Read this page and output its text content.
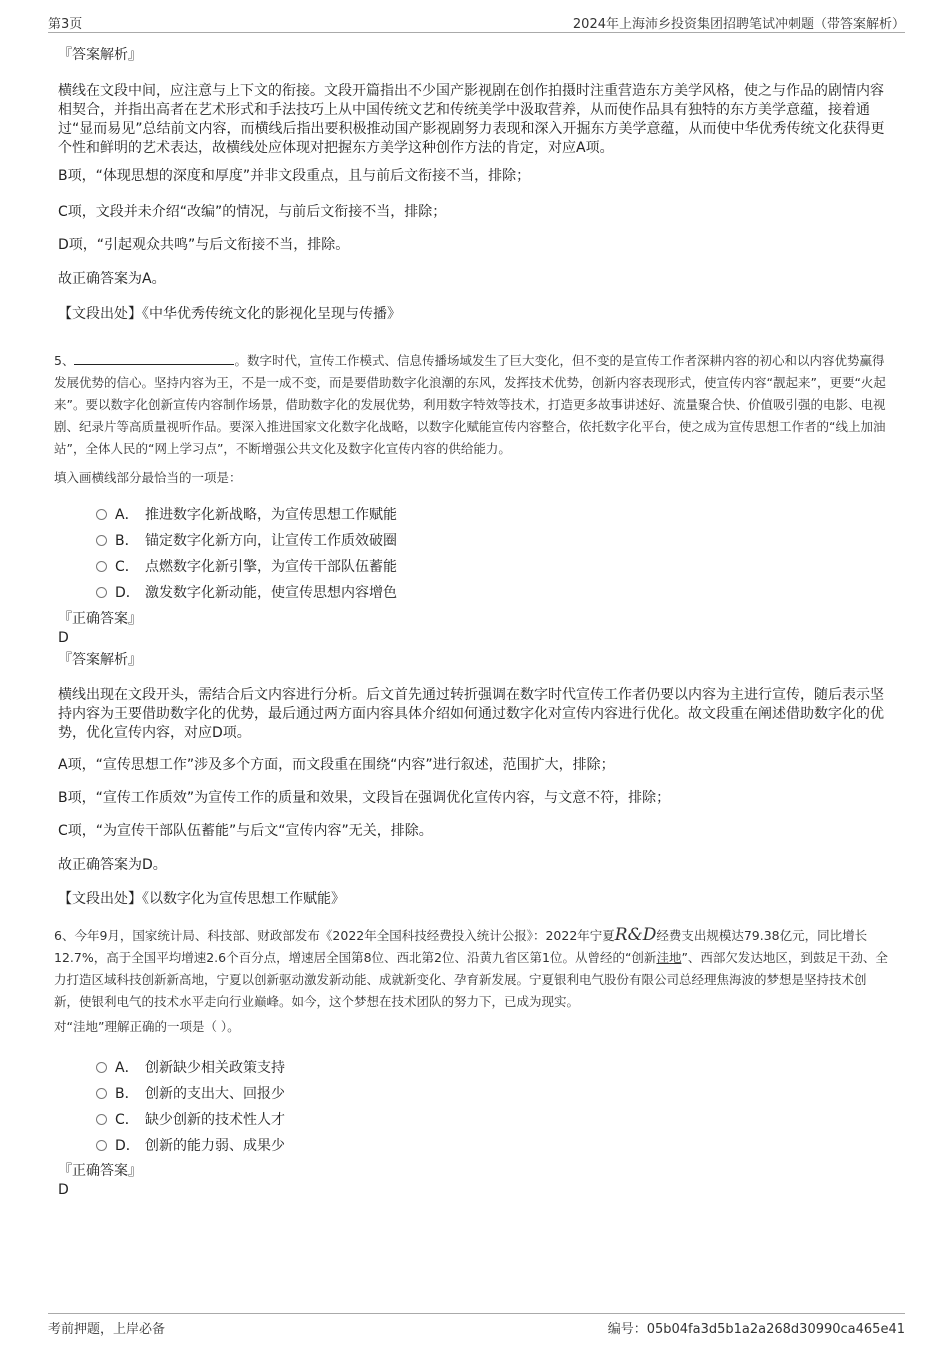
第3页	2024年上海沛乡投资集团招聘笔试冲刺题（带答案解析）

『答案解析』

横线在文段中间，应注意与上下文的衔接。文段开篇指出不少国产影视剧在创作拍摄时注重营造东方美学风格，使之与作品的剧情内容相契合，并指出高者在艺术形式和手法技巧上从中国传统文艺和传统美学中汲取营养，从而使作品具有独特的东方美学意蕴，接着通过“显而易见”总结前文内容，而横线后指出要积极推动国产影视剧努力表现和深入开掘东方美学意蕴，从而使中华优秀传统文化获得更个性和鲜明的艺术表达，故横线处应体现对把握东方美学这种创作方法的肯定，对应A项。

B项，“体现思想的深度和厚度”并非文段重点，且与前后文衔接不当，排除；

C项，文段并未介绍“改编”的情况，与前后文衔接不当，排除；

D项，“引起观众共鸣”与后文衔接不当，排除。

故正确答案为A。

【文段出处】《中华优秀传统文化的影视化呈现与传播》

5、	。数字时代，宣传工作模式、信息传播场域发生了巨大变化，但不变的是宣传工作者深耕内容的初心和以内容优势赢得发展优势的信心。坚持内容为王，不是一成不变，而是要借助数字化浪潮的东风，发挥技术优势，创新内容表现形式，使宣传内容“靓起来”，更要“火起来”。要以数字化创新宣传内容制作场景，借助数字化的发展优势，利用数字特效等技术，打造更多故事讲述好、流量聚合快、价值吸引强的电影、电视剧、纪录片等高质量视听作品。要深入推进国家文化数字化战略，以数字化赋能宣传内容整合，依托数字化平台，使之成为宣传思想工作者的“线上加油站”，全体人民的“网上学习点”，不断增强公共文化及数字化宣传内容的供给能力。

填入画横线部分最恰当的一项是：

A． 推进数字化新战略，为宣传思想工作赋能
B． 锚定数字化新方向，让宣传工作质效破圈
C． 点燃数字化新引擎，为宣传干部队伍蓄能
D． 激发数字化新动能，使宣传思想内容增色

『正确答案』

D

『答案解析』

横线出现在文段开头，需结合后文内容进行分析。后文首先通过转折强调在数字时代宣传工作者仍要以内容为主进行宣传，随后表示坚持内容为王要借助数字化的优势，最后通过两方面内容具体介绍如何通过数字化对宣传内容进行优化。故文段重在阐述借助数字化的优势，优化宣传内容，对应D项。

A项，“宣传思想工作”涉及多个方面，而文段重在围绕“内容”进行叙述，范围扩大，排除；

B项，“宣传工作质效”为宣传工作的质量和效果，文段旨在强调优化宣传内容，与文意不符，排除；

C项，“为宣传干部队伍蓄能”与后文“宣传内容”无关，排除。

故正确答案为D。

【文段出处】《以数字化为宣传思想工作赋能》

6、今年9月，国家统计局、科技部、财政部发布《2022年全国科技经费投入统计公报》：2022年宁夏R&D经费支出规模达79.38亿元，同比增长12.7%，高于全国平均增速2.6个百分点，增速居全国第8位、西北第2位、沿黄九省区第1位。从曾经的“创新洼地”、西部欠发达地区，到鼓足干劲、全力打造区域科技创新新高地，宁夏以创新驱动激发新动能、成就新变化、孕育新发展。宁夏银利电气股份有限公司总经理焦海波的梦想是坚持技术创新，使银利电气的技术水平走向行业巅峰。如今，这个梦想在技术团队的努力下，已成为现实。

对“洼地”理解正确的一项是（ ）。

A． 创新缺少相关政策支持
B． 创新的支出大、回报少
C． 缺少创新的技术性人才
D． 创新的能力弱、成果少

『正确答案』

D

考前押题，上岸必备	编号：05b04fa3d5b1a2a268d30990ca465e41
